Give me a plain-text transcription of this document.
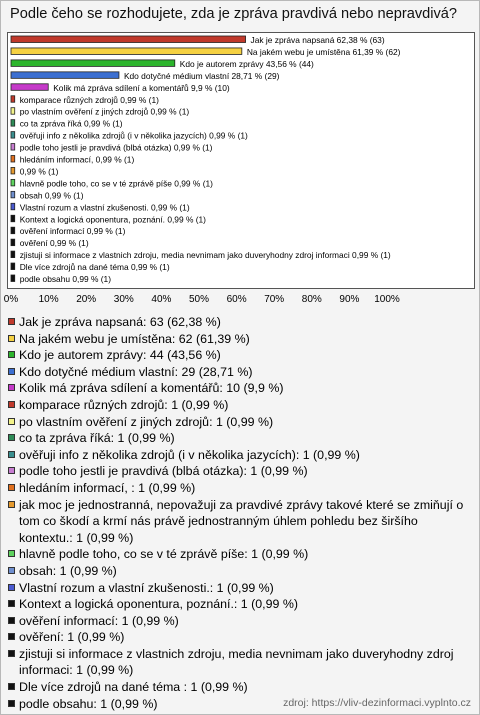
Podle čeho se rozhodujete, zda je zpráva pravdivá nebo nepravdivá?
Jak je zpráva napsaná 62,38 % (63)
Na jakém webu je umístěna 61,39 % (62)
Kdo je autorem zprávy 43,56 % (44)
Kdo dotyčné médium vlastní 28,71 % (29)
Kolik má zpráva sdílení a komentářů 9,9 % (10)
komparace různých zdrojů 0,99 % (1)
po vlastním ověření z jiných zdrojů 0,99 % (1)
co ta zpráva říká 0,99 % (1)
ověřuji info z několika zdrojů (i v několika jazycích) 0,99 % (1)
podle toho jestli je pravdivá (blbá otázka) 0,99 % (1)
hledáním informací, 0,99 % (1)
0,99 % (1)
hlavně podle toho, co se v té zprávě píše 0,99 % (1)
obsah 0,99 % (1)
Vlastní rozum a vlastní zkušenosti. 0,99 % (1)
Kontext a logická oponentura, poznání. 0,99 % (1)
ověření informací 0,99 % (1)
ověření 0,99 % (1)
zjistuji si informace z vlastnich zdroju, media nevnimam jako duveryhodny zdroj informaci 0,99 % (1)
Dle více zdrojů na dané téma 0,99 % (1)
podle obsahu 0,99 % (1)
0% 10% 20% 30% 40% 50% 60% 70% 80% 90% 100%
Jak je zpráva napsaná: 63 (62,38 %)
Na jakém webu je umístěna: 62 (61,39 %)
Kdo je autorem zprávy: 44 (43,56 %)
Kdo dotyčné médium vlastní: 29 (28,71 %)
Kolik má zpráva sdílení a komentářů: 10 (9,9 %)
komparace různých zdrojů: 1 (0,99 %)
po vlastním ověření z jiných zdrojů: 1 (0,99 %)
co ta zpráva říká: 1 (0,99 %)
ověřuji info z několika zdrojů (i v několika jazycích): 1 (0,99 %)
podle toho jestli je pravdivá (blbá otázka): 1 (0,99 %)
hledáním informací, : 1 (0,99 %)
jak moc je jednostranná, nepovažuji za pravdivé zprávy takové které se zmiňují o tom co škodí a krmí nás právě jednostranným úhlem pohledu bez širšího kontextu.: 1 (0,99 %)
hlavně podle toho, co se v té zprávě píše: 1 (0,99 %)
obsah: 1 (0,99 %)
Vlastní rozum a vlastní zkušenosti.: 1 (0,99 %)
Kontext a logická oponentura, poznání.: 1 (0,99 %)
ověření informací: 1 (0,99 %)
ověření: 1 (0,99 %)
zjistuji si informace z vlastnich zdroju, media nevnimam jako duveryhodny zdroj informaci: 1 (0,99 %)
Dle více zdrojů na dané téma : 1 (0,99 %)
podle obsahu: 1 (0,99 %)	zdroj: https://vliv-dezinformaci.vyplnto.cz
